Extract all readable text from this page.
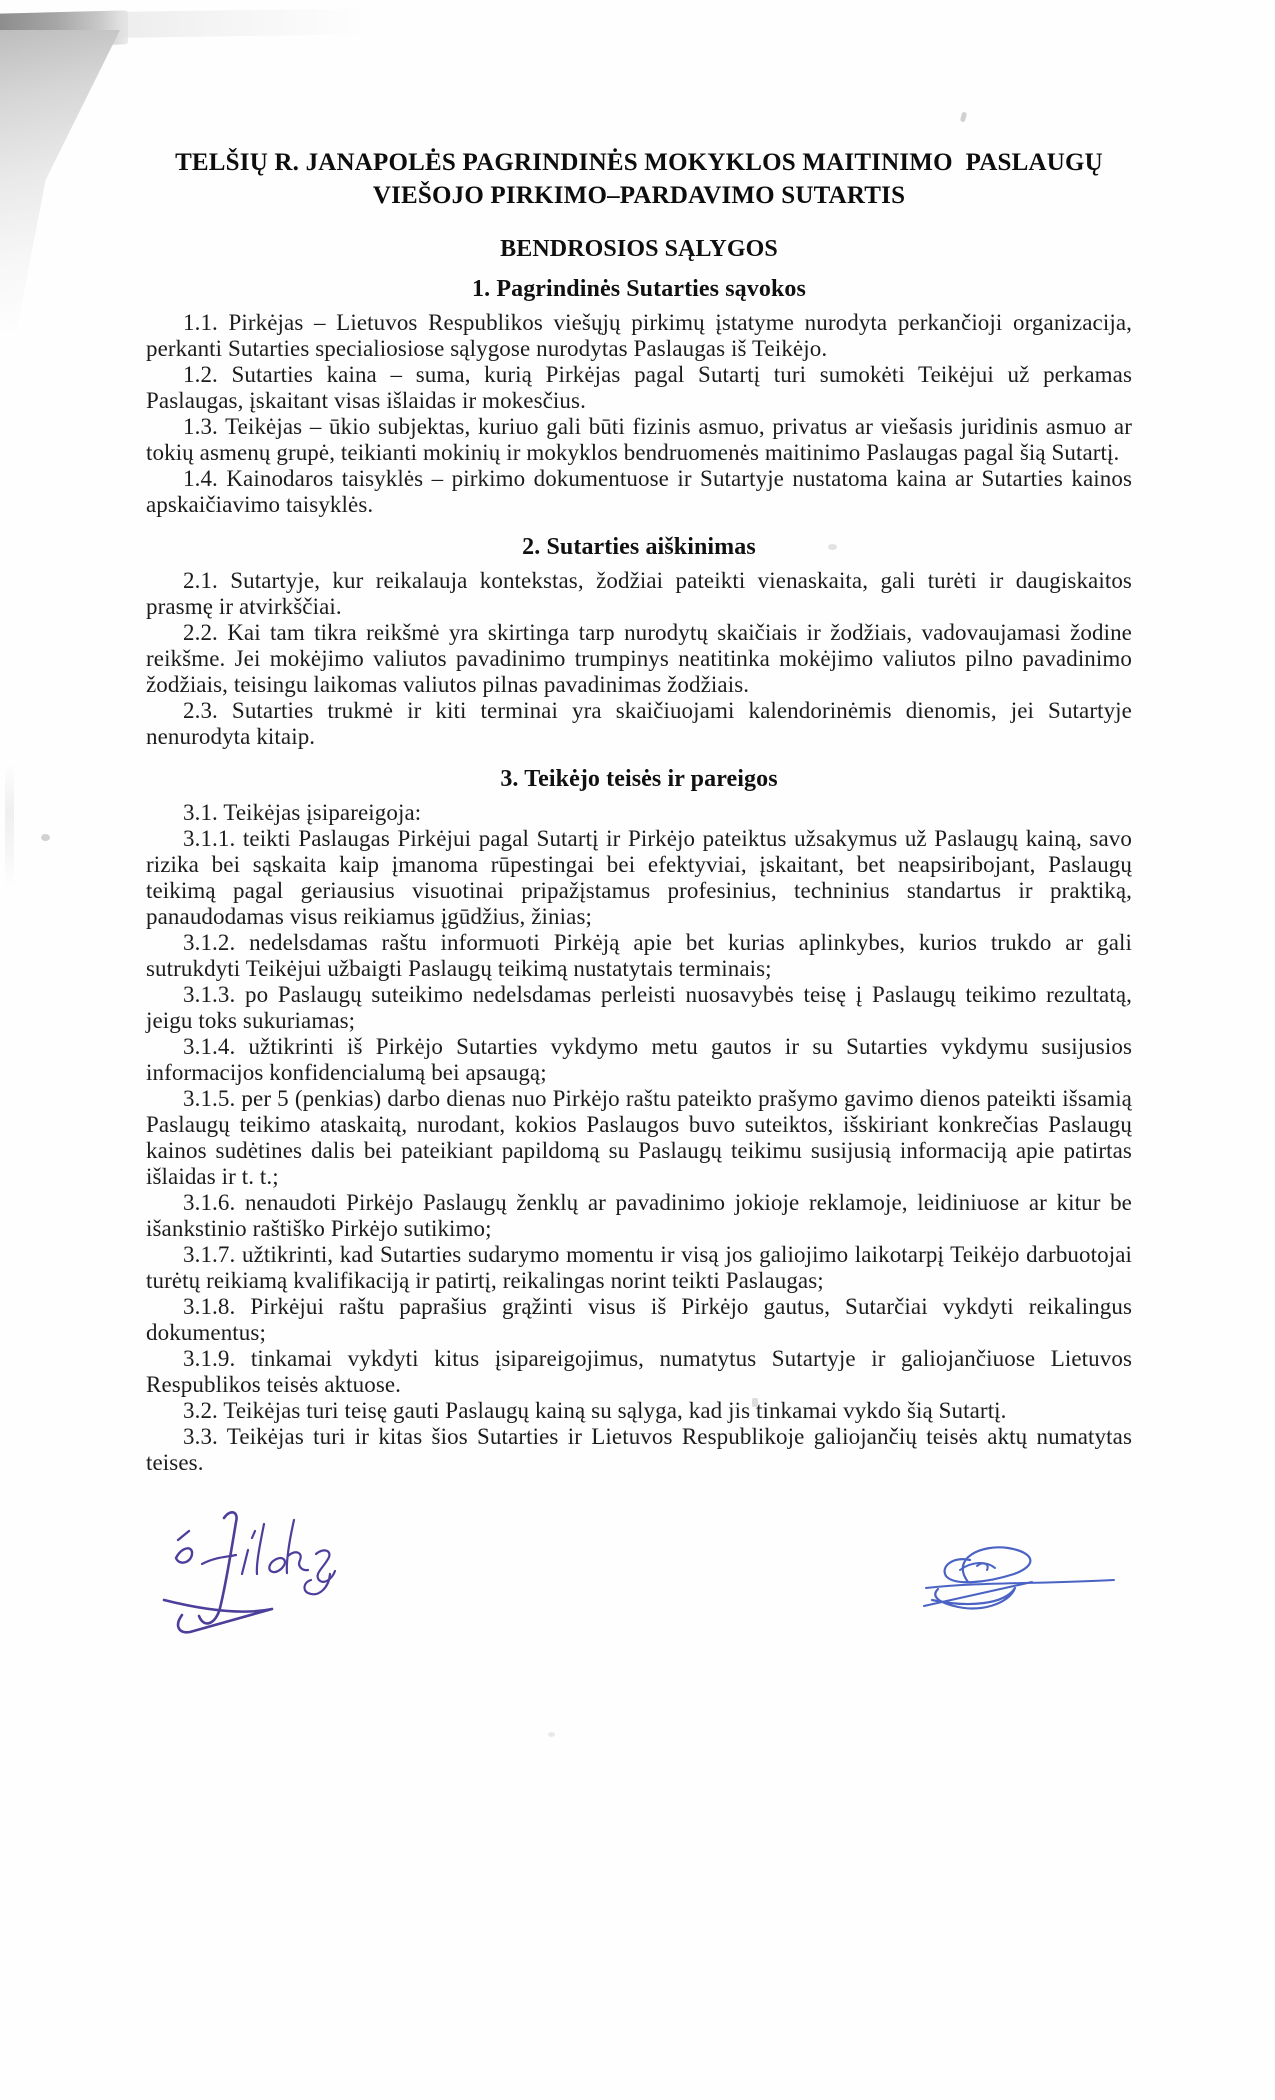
TELŠIŲ R. JANAPOLĖS PAGRINDINĖS MOKYKLOS MAITINIMO  PASLAUGŲ
VIEŠOJO PIRKIMO–PARDAVIMO SUTARTIS
BENDROSIOS SĄLYGOS
1. Pagrindinės Sutarties sąvokos

1.1. Pirkėjas – Lietuvos Respublikos viešųjų pirkimų įstatyme nurodyta perkančioji organizacija, perkanti Sutarties specialiosiose sąlygose nurodytas Paslaugas iš Teikėjo.

1.2. Sutarties kaina – suma, kurią Pirkėjas pagal Sutartį turi sumokėti Teikėjui už perkamas Paslaugas, įskaitant visas išlaidas ir mokesčius.

1.3. Teikėjas – ūkio subjektas, kuriuo gali būti fizinis asmuo, privatus ar viešasis juridinis asmuo ar tokių asmenų grupė, teikianti mokinių ir mokyklos bendruomenės maitinimo Paslaugas pagal šią Sutartį.

1.4. Kainodaros taisyklės – pirkimo dokumentuose ir Sutartyje nustatoma kaina ar Sutarties kainos apskaičiavimo taisyklės.

2. Sutarties aiškinimas

2.1. Sutartyje, kur reikalauja kontekstas, žodžiai pateikti vienaskaita, gali turėti ir daugiskaitos prasmę ir atvirkščiai.

2.2. Kai tam tikra reikšmė yra skirtinga tarp nurodytų skaičiais ir žodžiais, vadovaujamasi žodine reikšme. Jei mokėjimo valiutos pavadinimo trumpinys neatitinka mokėjimo valiutos pilno pavadinimo žodžiais, teisingu laikomas valiutos pilnas pavadinimas žodžiais.

2.3. Sutarties trukmė ir kiti terminai yra skaičiuojami kalendorinėmis dienomis, jei Sutartyje nenurodyta kitaip.

3. Teikėjo teisės ir pareigos

3.1. Teikėjas įsipareigoja:

3.1.1. teikti Paslaugas Pirkėjui pagal Sutartį ir Pirkėjo pateiktus užsakymus už Paslaugų kainą, savo rizika bei sąskaita kaip įmanoma rūpestingai bei efektyviai, įskaitant, bet neapsiribojant, Paslaugų teikimą pagal geriausius visuotinai pripažįstamus profesinius, techninius standartus ir praktiką, panaudodamas visus reikiamus įgūdžius, žinias;

3.1.2. nedelsdamas raštu informuoti Pirkėją apie bet kurias aplinkybes, kurios trukdo ar gali sutrukdyti Teikėjui užbaigti Paslaugų teikimą nustatytais terminais;

3.1.3. po Paslaugų suteikimo nedelsdamas perleisti nuosavybės teisę į Paslaugų teikimo rezultatą, jeigu toks sukuriamas;

3.1.4. užtikrinti iš Pirkėjo Sutarties vykdymo metu gautos ir su Sutarties vykdymu susijusios informacijos konfidencialumą bei apsaugą;

3.1.5. per 5 (penkias) darbo dienas nuo Pirkėjo raštu pateikto prašymo gavimo dienos pateikti išsamią Paslaugų teikimo ataskaitą, nurodant, kokios Paslaugos buvo suteiktos, išskiriant konkrečias Paslaugų kainos sudėtines dalis bei pateikiant papildomą su Paslaugų teikimu susijusią informaciją apie patirtas išlaidas ir t. t.;

3.1.6. nenaudoti Pirkėjo Paslaugų ženklų ar pavadinimo jokioje reklamoje, leidiniuose ar kitur be išankstinio raštiško Pirkėjo sutikimo;

3.1.7. užtikrinti, kad Sutarties sudarymo momentu ir visą jos galiojimo laikotarpį Teikėjo darbuotojai turėtų reikiamą kvalifikaciją ir patirtį, reikalingas norint teikti Paslaugas;

3.1.8. Pirkėjui raštu paprašius grąžinti visus iš Pirkėjo gautus, Sutarčiai vykdyti reikalingus dokumentus;

3.1.9. tinkamai vykdyti kitus įsipareigojimus, numatytus Sutartyje ir galiojančiuose Lietuvos Respublikos teisės aktuose.

3.2. Teikėjas turi teisę gauti Paslaugų kainą su sąlyga, kad jis tinkamai vykdo šią Sutartį.

3.3. Teikėjas turi ir kitas šios Sutarties ir Lietuvos Respublikoje galiojančių teisės aktų numatytas teises.
